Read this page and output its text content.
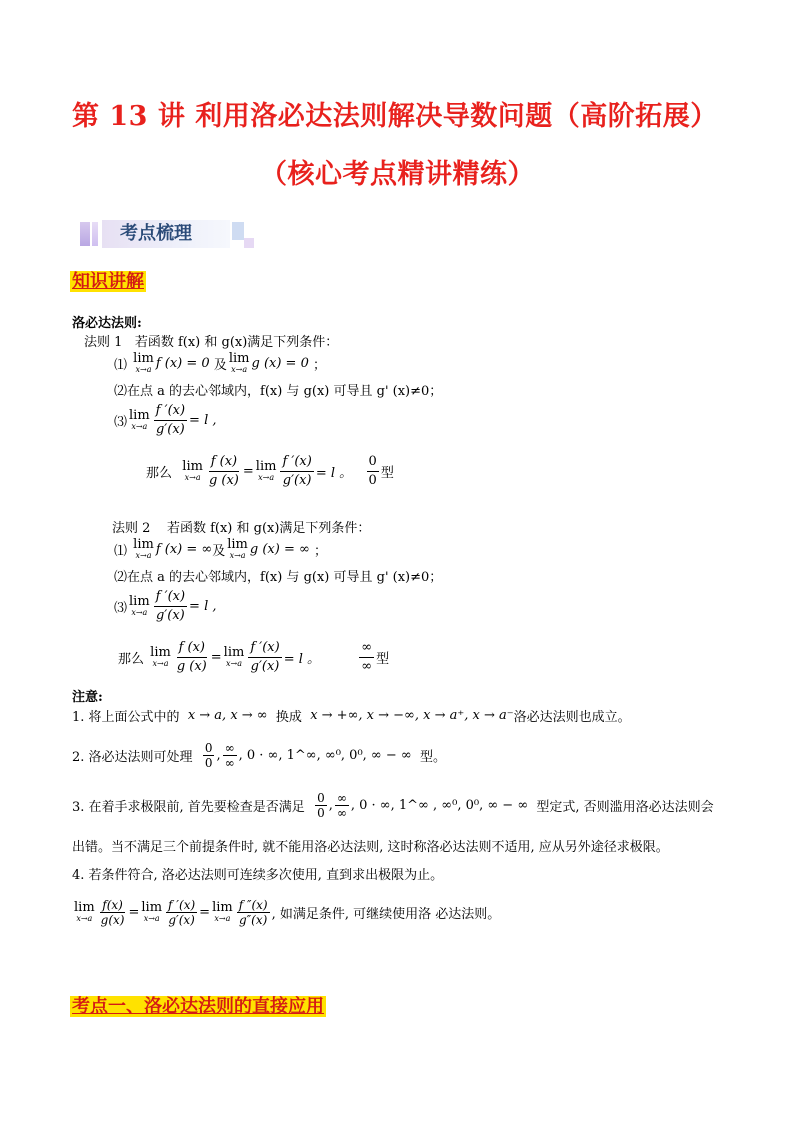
第 13 讲 利用洛必达法则解决导数问题（高阶拓展）
（核心考点精讲精练）
考点梳理
知识讲解
洛必达法则:
法则 1
若函数 f(x) 和 g(x)满足下列条件：
⑴
lim
x→a f (x) = 0
及 lim
x→a g (x) = 0
；
⑵在点 a 的去心邻域内，f(x) 与 g(x) 可导且 g' (x)≠0；
⑶ lim
$x\to a \frac{f '(x)}{g'(x)} = l$ ,
那么
lim
$x\to a \frac{f (x)}{g (x)} = \lim$
$x\to a \frac{f '(x)}{g'(x)} = l$ 。
$\frac{0}{0}$ 型
法则 2
若函数 f(x) 和 g(x)满足下列条件：
⑴
lim
x→a f (x) = ∞ 及 lim
x→a g (x) = ∞
；
⑵在点 a 的去心邻域内，f(x) 与 g(x) 可导且 g' (x)≠0；
⑶ lim
$x\to a \frac{f '(x)}{g'(x)} = l$ ,
那么
lim
$x\to a \frac{f (x)}{g (x)} = \lim$
$x\to a \frac{f '(x)}{g'(x)} = l$ 。
	$\frac{\infty}{\infty}$ 型
注意:
1. 将上面公式中的
x → a, x → ∞
换成
x → +∞, x → −∞, x → a⁺, x → a⁻ 洛必达法则也成立。
2. 洛必达法则可处理
$\frac{0}{0}$ , $\frac{\infty}{\infty}$ , 0 · ∞, 1^∞, ∞⁰, 0⁰, ∞ − ∞
型。
3. 在着手求极限前, 首先要检查是否满足
$\frac{0}{0}$ , $\frac{\infty}{\infty}$ , 0 · ∞, 1^∞ , ∞⁰, 0⁰, ∞ − ∞
型定式, 否则滥用洛必达法则会
出错。当不满足三个前提条件时, 就不能用洛必达法则, 这时称洛必达法则不适用, 应从另外途径求极限。
4. 若条件符合, 洛必达法则可连续多次使用, 直到求出极限为止。
lim
$x\to a \frac{f(x)}{g(x)} = \lim$
$x\to a \frac{f '(x)}{g'(x)} = \lim$
$x\to a \frac{f ''(x)}{g''(x)}$ , 如满足条件, 可继续使用洛 必达法则。
考点一、洛必达法则的直接应用
